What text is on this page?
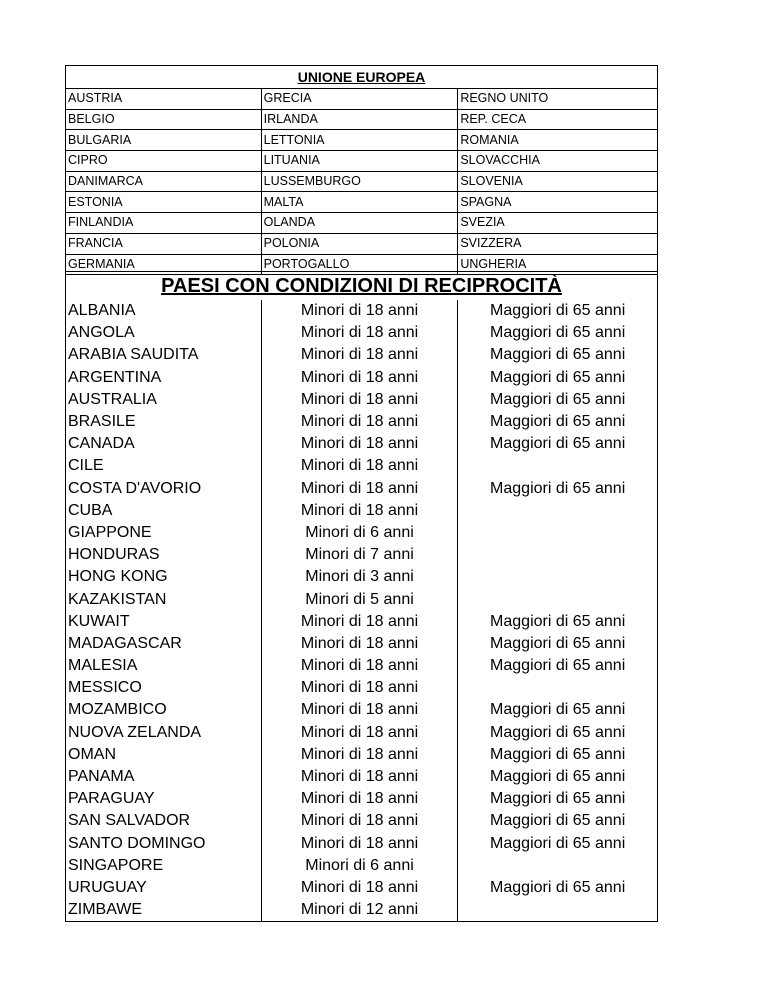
UNIONE EUROPEA		
AUSTRIA	GRECIA	REGNO UNITO
BELGIO	IRLANDA	REP. CECA
BULGARIA	LETTONIA	ROMANIA
CIPRO	LITUANIA	SLOVACCHIA
DANIMARCA	LUSSEMBURGO	SLOVENIA
ESTONIA	MALTA	SPAGNA
FINLANDIA	OLANDA	SVEZIA
FRANCIA	POLONIA	SVIZZERA
GERMANIA	PORTOGALLO	UNGHERIA
PAESI CON CONDIZIONI DI RECIPROCITÀ		
ALBANIA	Minori di 18 anni	Maggiori di 65 anni
ANGOLA	Minori di 18 anni	Maggiori di 65 anni
ARABIA SAUDITA	Minori di 18 anni	Maggiori di 65 anni
ARGENTINA	Minori di 18 anni	Maggiori di 65 anni
AUSTRALIA	Minori di 18 anni	Maggiori di 65 anni
BRASILE	Minori di 18 anni	Maggiori di 65 anni
CANADA	Minori di 18 anni	Maggiori di 65 anni
CILE	Minori di 18 anni	
COSTA D'AVORIO	Minori di 18 anni	Maggiori di 65 anni
CUBA	Minori di 18 anni	
GIAPPONE	Minori di 6 anni	
HONDURAS	Minori di 7 anni	
HONG KONG	Minori di 3 anni	
KAZAKISTAN	Minori di 5 anni	
KUWAIT	Minori di 18 anni	Maggiori di 65 anni
MADAGASCAR	Minori di 18 anni	Maggiori di 65 anni
MALESIA	Minori di 18 anni	Maggiori di 65 anni
MESSICO	Minori di 18 anni	
MOZAMBICO	Minori di 18 anni	Maggiori di 65 anni
NUOVA ZELANDA	Minori di 18 anni	Maggiori di 65 anni
OMAN	Minori di 18 anni	Maggiori di 65 anni
PANAMA	Minori di 18 anni	Maggiori di 65 anni
PARAGUAY	Minori di 18 anni	Maggiori di 65 anni
SAN SALVADOR	Minori di 18 anni	Maggiori di 65 anni
SANTO DOMINGO	Minori di 18 anni	Maggiori di 65 anni
SINGAPORE	Minori di 6 anni	
URUGUAY	Minori di 18 anni	Maggiori di 65 anni
ZIMBAWE	Minori di 12 anni	
